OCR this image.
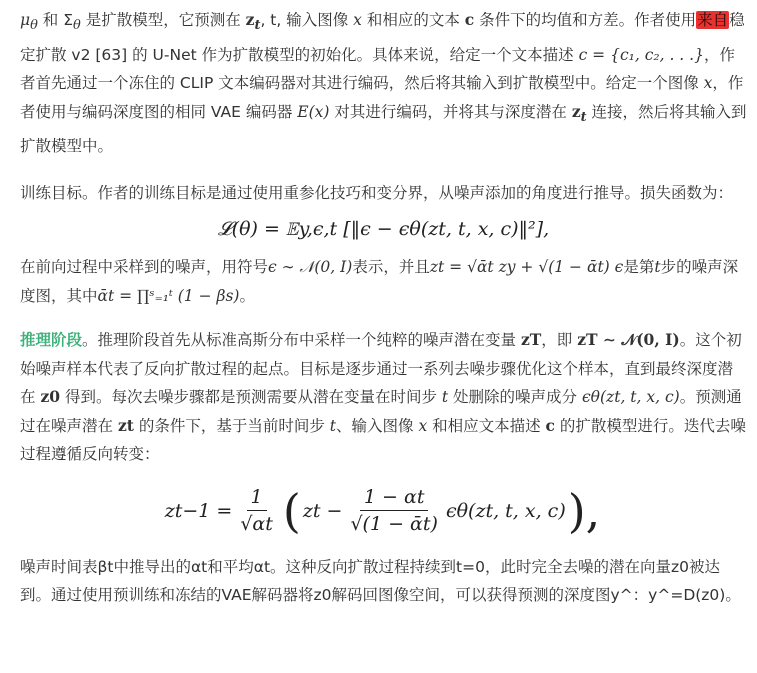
$\mu_\theta$ 和 $\Sigma_\theta$ 是扩散模型，它预测在 $z_t$, t, 输入图像 x 和相应的文本 c 条件下的均值和方差。作者使用来自稳定扩散 v2 [63] 的 U-Net 作为扩散模型的初始化。具体来说，给定一个文本描述 c = {c₁, c₂, . . .}，作者首先通过一个冻住的 CLIP 文本编码器对其进行编码，然后将其输入到扩散模型中。给定一个图像 x，作者使用与编码深度图的相同 VAE 编码器 E(x) 对其进行编码，并将其与深度潜在 $z_t$ 连接，然后将其输入到扩散模型中。

训练目标。作者的训练目标是通过使用重参化技巧和变分界，从噪声添加的角度进行推导。损失函数为：

𝓛(θ) = 𝔼y,ϵ,t [‖ϵ − ϵθ(zt, t, x, c)‖²],

在前向过程中采样到的噪声，用符号ϵ ∼ 𝒩(0, I)表示，并且zt = √ᾱt zy + √(1 − ᾱt) ϵ是第t步的噪声深度图，其中ᾱt = ∏ˢ₌₁ᵗ (1 − βs)。

推理阶段。推理阶段首先从标准高斯分布中采样一个纯粹的噪声潜在变量 zT，即 zT ∼ 𝒩(0, I)。这个初始噪声样本代表了反向扩散过程的起点。目标是逐步通过一系列去噪步骤优化这个样本，直到最终深度潜在 z0 得到。每次去噪步骤都是预测需要从潜在变量在时间步 t 处删除的噪声成分 ϵθ(zt, t, x, c)。预测通过在噪声潜在 zt 的条件下，基于当前时间步 t、输入图像 x 和相应文本描述 c 的扩散模型进行。迭代去噪过程遵循反向转变：

$zt-1 = \frac{1}{√\alpha t}$ ( zt − $\frac{1 - \alpha t}{\text{√(1 − ᾱt)}} \epsilon\theta(zt$, t, x, c) ),

噪声时间表βt中推导出的αt和平均αt。这种反向扩散过程持续到t=0，此时完全去噪的潜在向量z0被达到。通过使用预训练和冻结的VAE解码器将z0解码回图像空间，可以获得预测的深度图y^：y^=D(z0)。
